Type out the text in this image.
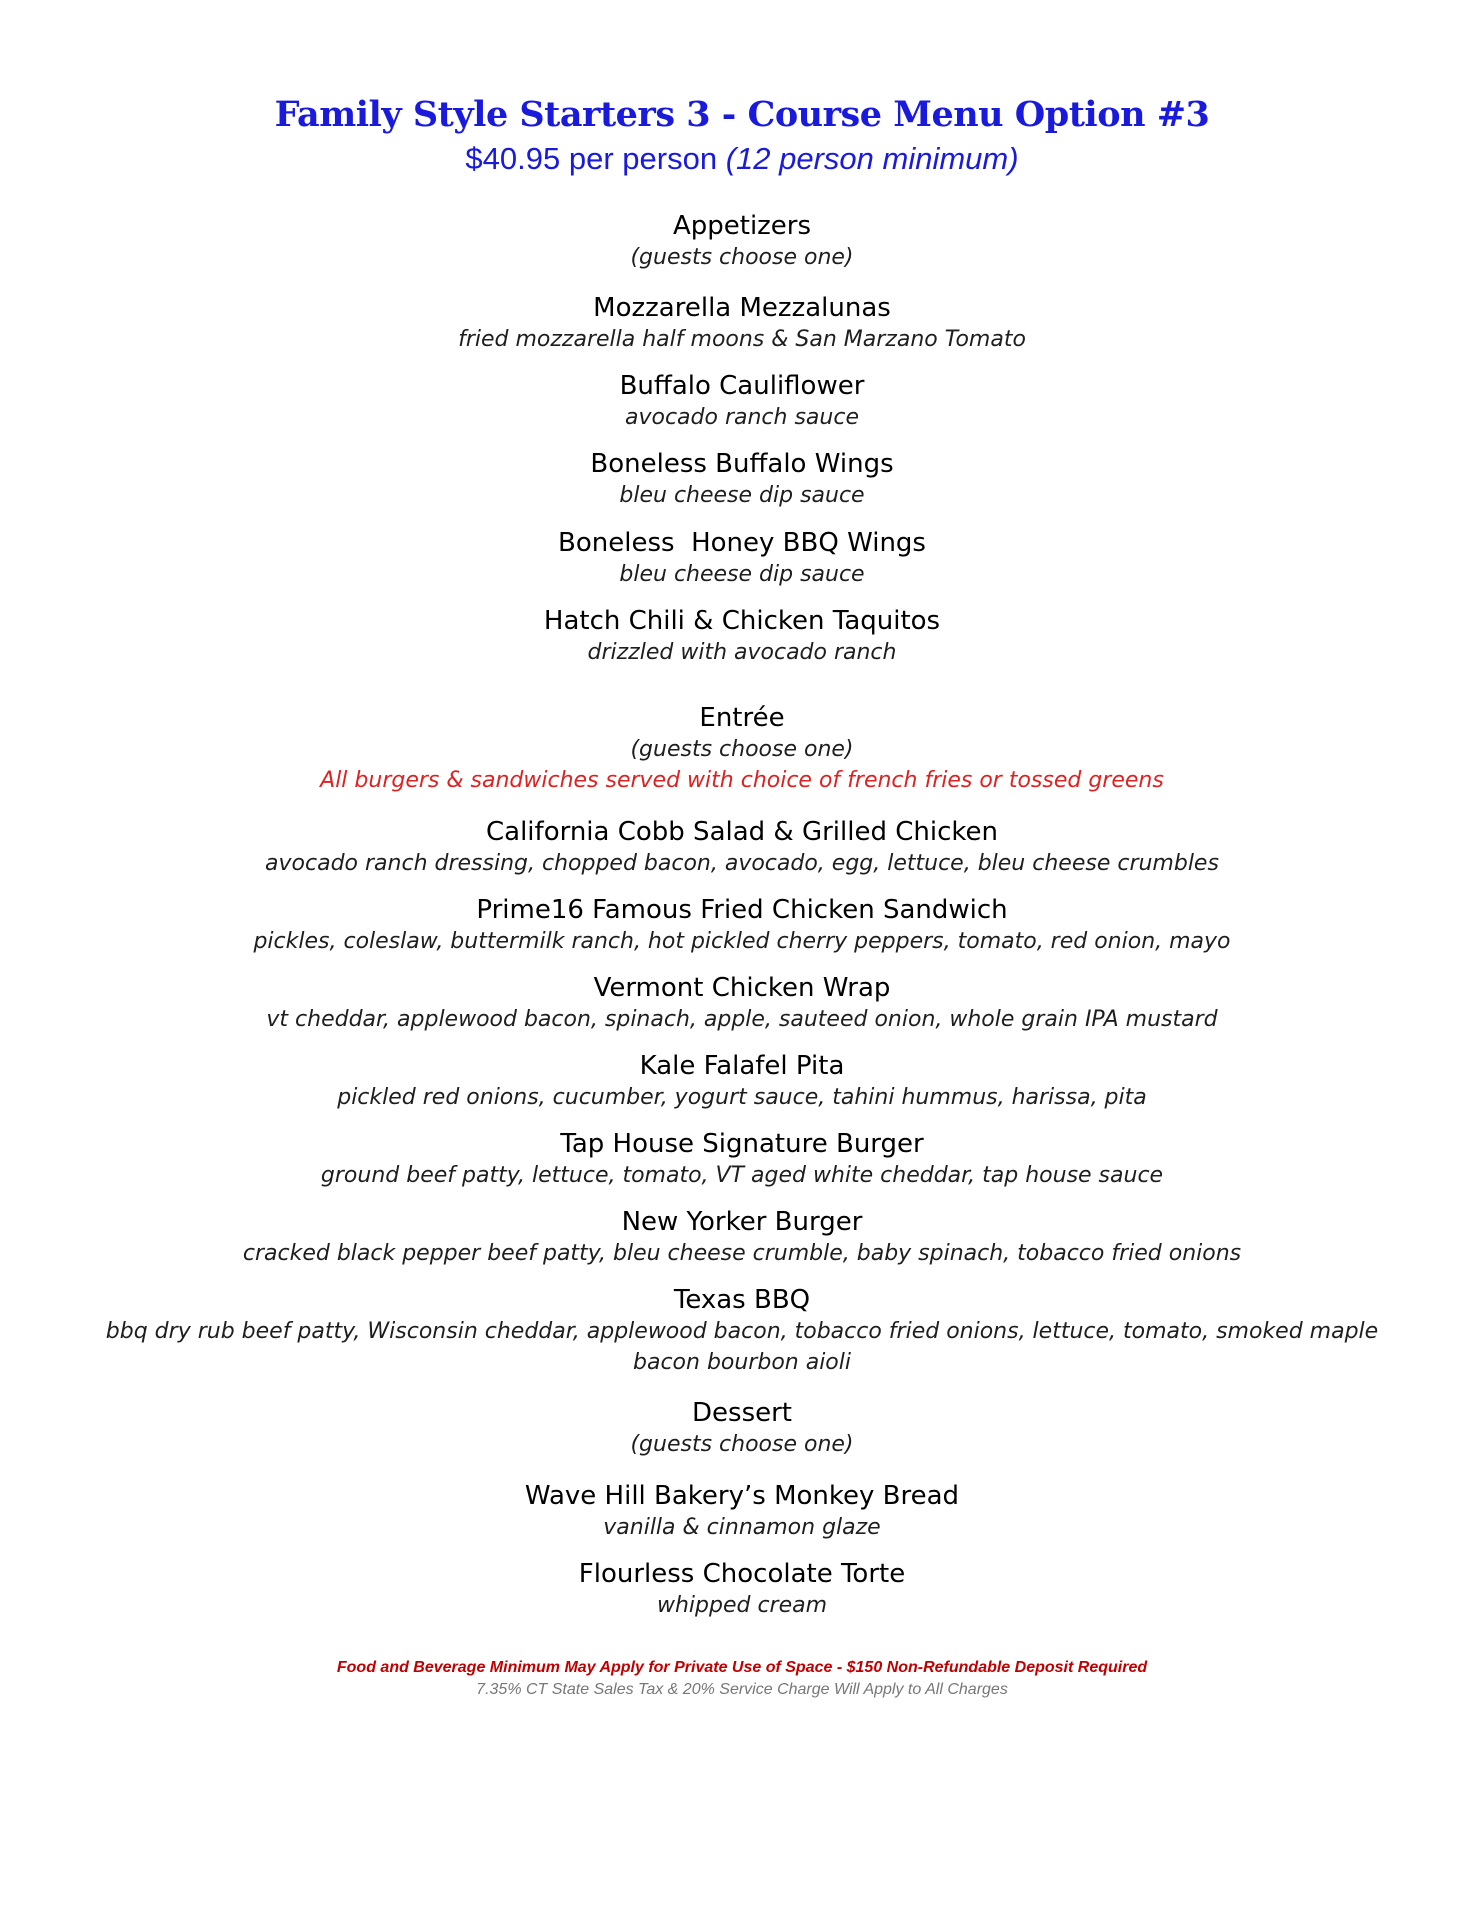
Family Style Starters 3 - Course Menu Option #3
$40.95 per person (12 person minimum)
Appetizers
(guests choose one)
Mozzarella Mezzalunas
fried mozzarella half moons & San Marzano Tomato
Buffalo Cauliflower
avocado ranch sauce
Boneless Buffalo Wings
bleu cheese dip sauce
Boneless  Honey BBQ Wings
bleu cheese dip sauce
Hatch Chili & Chicken Taquitos
drizzled with avocado ranch
Entrée
(guests choose one)
All burgers & sandwiches served with choice of french fries or tossed greens
California Cobb Salad & Grilled Chicken
avocado ranch dressing, chopped bacon, avocado, egg, lettuce, bleu cheese crumbles
Prime16 Famous Fried Chicken Sandwich
pickles, coleslaw, buttermilk ranch, hot pickled cherry peppers, tomato, red onion, mayo
Vermont Chicken Wrap
vt cheddar, applewood bacon, spinach, apple, sauteed onion, whole grain IPA mustard
Kale Falafel Pita
pickled red onions, cucumber, yogurt sauce, tahini hummus, harissa, pita
Tap House Signature Burger
ground beef patty, lettuce, tomato, VT aged white cheddar, tap house sauce
New Yorker Burger
cracked black pepper beef patty, bleu cheese crumble, baby spinach, tobacco fried onions
Texas BBQ
bbq dry rub beef patty, Wisconsin cheddar, applewood bacon, tobacco fried onions, lettuce, tomato, smoked maple
bacon bourbon aioli
Dessert
(guests choose one)
Wave Hill Bakery’s Monkey Bread
vanilla & cinnamon glaze
Flourless Chocolate Torte
whipped cream
Food and Beverage Minimum May Apply for Private Use of Space - $150 Non-Refundable Deposit Required
7.35% CT State Sales Tax & 20% Service Charge Will Apply to All Charges
